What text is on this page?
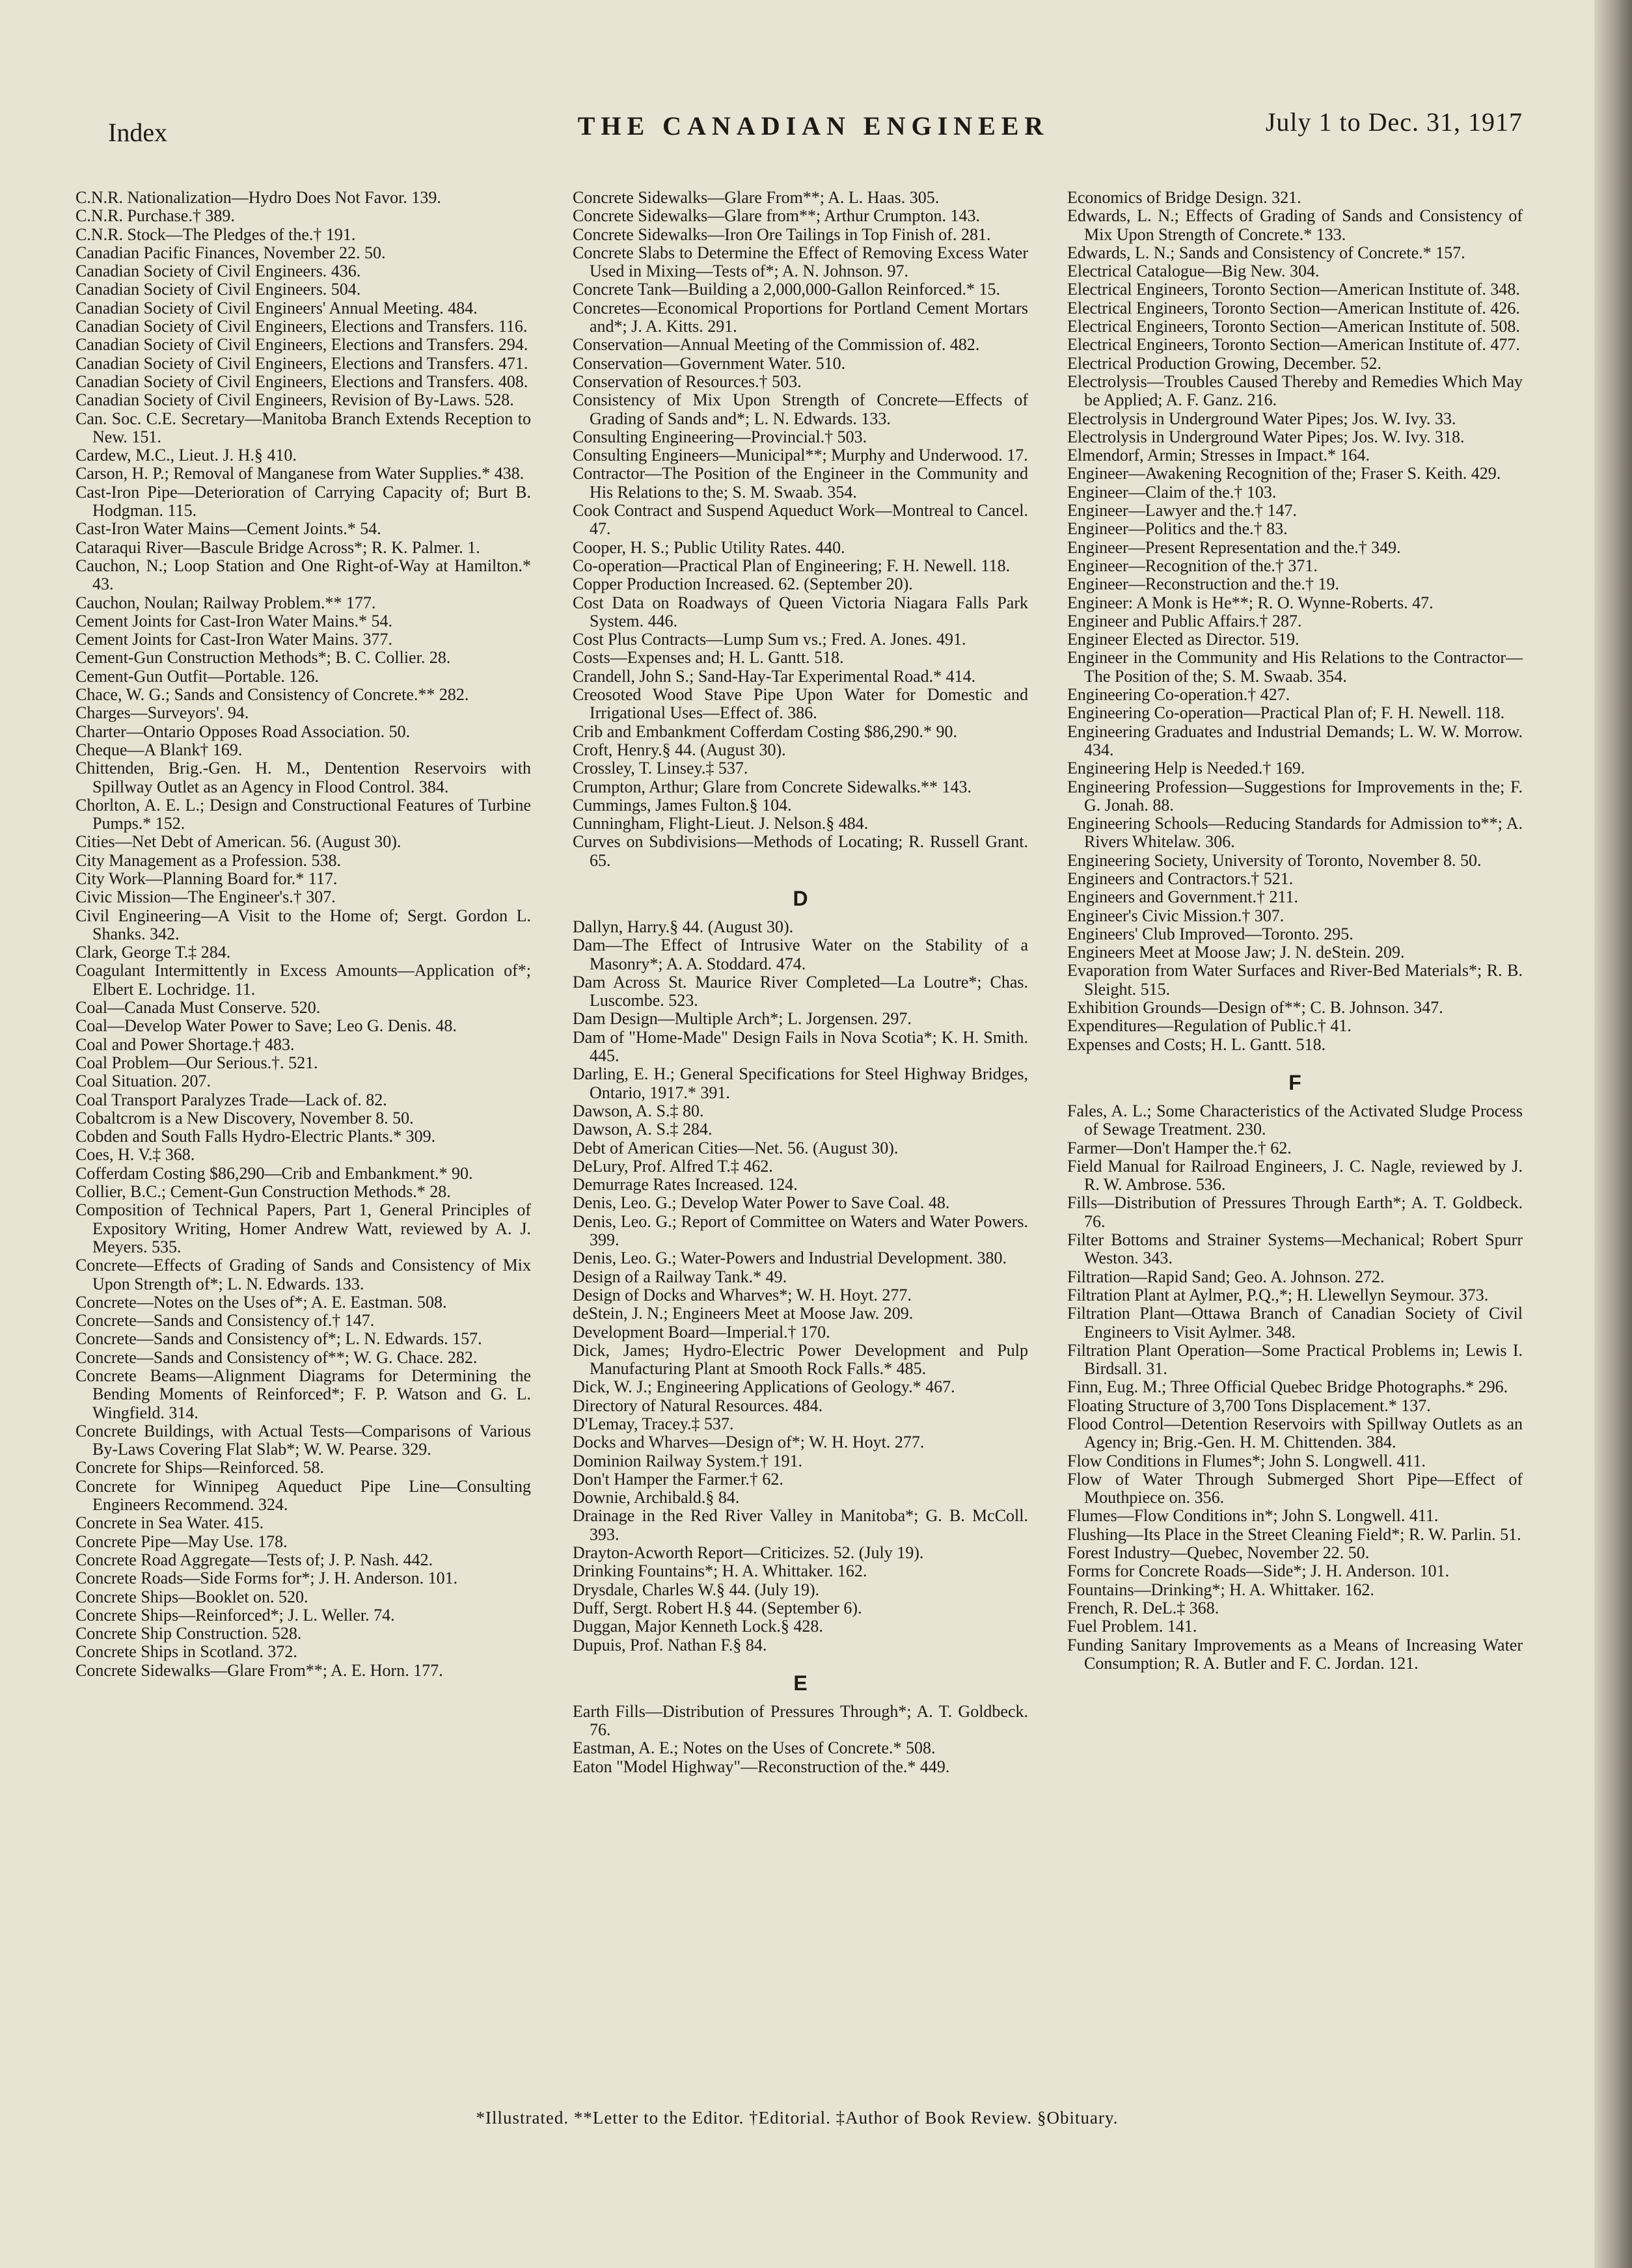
Index	THE CANADIAN ENGINEER	July 1 to Dec. 31, 1917

C.N.R. Nationalization—Hydro Does Not Favor. 139.

C.N.R. Purchase.† 389.

C.N.R. Stock—The Pledges of the.† 191.

Canadian Pacific Finances, November 22. 50.

Canadian Society of Civil Engineers. 436.

Canadian Society of Civil Engineers. 504.

Canadian Society of Civil Engineers' Annual Meeting. 484.

Canadian Society of Civil Engineers, Elections and Transfers. 116.

Canadian Society of Civil Engineers, Elections and Transfers. 294.

Canadian Society of Civil Engineers, Elections and Transfers. 471.

Canadian Society of Civil Engineers, Elections and Transfers. 408.

Canadian Society of Civil Engineers, Revision of By-Laws. 528.

Can. Soc. C.E. Secretary—Manitoba Branch Extends Reception to New. 151.

Cardew, M.C., Lieut. J. H.§ 410.

Carson, H. P.; Removal of Manganese from Water Supplies.* 438.

Cast-Iron Pipe—Deterioration of Carrying Capacity of; Burt B. Hodgman. 115.

Cast-Iron Water Mains—Cement Joints.* 54.

Cataraqui River—Bascule Bridge Across*; R. K. Palmer. 1.

Cauchon, N.; Loop Station and One Right-of-Way at Hamilton.* 43.

Cauchon, Noulan; Railway Problem.** 177.

Cement Joints for Cast-Iron Water Mains.* 54.

Cement Joints for Cast-Iron Water Mains. 377.

Cement-Gun Construction Methods*; B. C. Collier. 28.

Cement-Gun Outfit—Portable. 126.

Chace, W. G.; Sands and Consistency of Concrete.** 282.

Charges—Surveyors'. 94.

Charter—Ontario Opposes Road Association. 50.

Cheque—A Blank† 169.

Chittenden, Brig.-Gen. H. M., Dentention Reservoirs with Spillway Outlet as an Agency in Flood Control. 384.

Chorlton, A. E. L.; Design and Constructional Features of Turbine Pumps.* 152.

Cities—Net Debt of American. 56. (August 30).

City Management as a Profession. 538.

City Work—Planning Board for.* 117.

Civic Mission—The Engineer's.† 307.

Civil Engineering—A Visit to the Home of; Sergt. Gordon L. Shanks. 342.

Clark, George T.‡ 284.

Coagulant Intermittently in Excess Amounts—Application of*; Elbert E. Lochridge. 11.

Coal—Canada Must Conserve. 520.

Coal—Develop Water Power to Save; Leo G. Denis. 48.

Coal and Power Shortage.† 483.

Coal Problem—Our Serious.†. 521.

Coal Situation. 207.

Coal Transport Paralyzes Trade—Lack of. 82.

Cobaltcrom is a New Discovery, November 8. 50.

Cobden and South Falls Hydro-Electric Plants.* 309.

Coes, H. V.‡ 368.

Cofferdam Costing $86,290—Crib and Embankment.* 90.

Collier, B.C.; Cement-Gun Construction Methods.* 28.

Composition of Technical Papers, Part 1, General Principles of Expository Writing, Homer Andrew Watt, reviewed by A. J. Meyers. 535.

Concrete—Effects of Grading of Sands and Consistency of Mix Upon Strength of*; L. N. Edwards. 133.

Concrete—Notes on the Uses of*; A. E. Eastman. 508.

Concrete—Sands and Consistency of.† 147.

Concrete—Sands and Consistency of*; L. N. Edwards. 157.

Concrete—Sands and Consistency of**; W. G. Chace. 282.

Concrete Beams—Alignment Diagrams for Determining the Bending Moments of Reinforced*; F. P. Watson and G. L. Wingfield. 314.

Concrete Buildings, with Actual Tests—Comparisons of Various By-Laws Covering Flat Slab*; W. W. Pearse. 329.

Concrete for Ships—Reinforced. 58.

Concrete for Winnipeg Aqueduct Pipe Line—Consulting Engineers Recommend. 324.

Concrete in Sea Water. 415.

Concrete Pipe—May Use. 178.

Concrete Road Aggregate—Tests of; J. P. Nash. 442.

Concrete Roads—Side Forms for*; J. H. Anderson. 101.

Concrete Ships—Booklet on. 520.

Concrete Ships—Reinforced*; J. L. Weller. 74.

Concrete Ship Construction. 528.

Concrete Ships in Scotland. 372.

Concrete Sidewalks—Glare From**; A. E. Horn. 177.

Concrete Sidewalks—Glare From**; A. L. Haas. 305.

Concrete Sidewalks—Glare from**; Arthur Crumpton. 143.

Concrete Sidewalks—Iron Ore Tailings in Top Finish of. 281.

Concrete Slabs to Determine the Effect of Removing Excess Water Used in Mixing—Tests of*; A. N. Johnson. 97.

Concrete Tank—Building a 2,000,000-Gallon Reinforced.* 15.

Concretes—Economical Proportions for Portland Cement Mortars and*; J. A. Kitts. 291.

Conservation—Annual Meeting of the Commission of. 482.

Conservation—Government Water. 510.

Conservation of Resources.† 503.

Consistency of Mix Upon Strength of Concrete—Effects of Grading of Sands and*; L. N. Edwards. 133.

Consulting Engineering—Provincial.† 503.

Consulting Engineers—Municipal**; Murphy and Underwood. 17.

Contractor—The Position of the Engineer in the Community and His Relations to the; S. M. Swaab. 354.

Cook Contract and Suspend Aqueduct Work—Montreal to Cancel. 47.

Cooper, H. S.; Public Utility Rates. 440.

Co-operation—Practical Plan of Engineering; F. H. Newell. 118.

Copper Production Increased. 62. (September 20).

Cost Data on Roadways of Queen Victoria Niagara Falls Park System. 446.

Cost Plus Contracts—Lump Sum vs.; Fred. A. Jones. 491.

Costs—Expenses and; H. L. Gantt. 518.

Crandell, John S.; Sand-Hay-Tar Experimental Road.* 414.

Creosoted Wood Stave Pipe Upon Water for Domestic and Irrigational Uses—Effect of. 386.

Crib and Embankment Cofferdam Costing $86,290.* 90.

Croft, Henry.§ 44. (August 30).

Crossley, T. Linsey.‡ 537.

Crumpton, Arthur; Glare from Concrete Sidewalks.** 143.

Cummings, James Fulton.§ 104.

Cunningham, Flight-Lieut. J. Nelson.§ 484.

Curves on Subdivisions—Methods of Locating; R. Russell Grant. 65.

D

Dallyn, Harry.§ 44. (August 30).

Dam—The Effect of Intrusive Water on the Stability of a Masonry*; A. A. Stoddard. 474.

Dam Across St. Maurice River Completed—La Loutre*; Chas. Luscombe. 523.

Dam Design—Multiple Arch*; L. Jorgensen. 297.

Dam of "Home-Made" Design Fails in Nova Scotia*; K. H. Smith. 445.

Darling, E. H.; General Specifications for Steel Highway Bridges, Ontario, 1917.* 391.

Dawson, A. S.‡ 80.

Dawson, A. S.‡ 284.

Debt of American Cities—Net. 56. (August 30).

DeLury, Prof. Alfred T.‡ 462.

Demurrage Rates Increased. 124.

Denis, Leo. G.; Develop Water Power to Save Coal. 48.

Denis, Leo. G.; Report of Committee on Waters and Water Powers. 399.

Denis, Leo. G.; Water-Powers and Industrial Development. 380.

Design of a Railway Tank.* 49.

Design of Docks and Wharves*; W. H. Hoyt. 277.

deStein, J. N.; Engineers Meet at Moose Jaw. 209.

Development Board—Imperial.† 170.

Dick, James; Hydro-Electric Power Development and Pulp Manufacturing Plant at Smooth Rock Falls.* 485.

Dick, W. J.; Engineering Applications of Geology.* 467.

Directory of Natural Resources. 484.

D'Lemay, Tracey.‡ 537.

Docks and Wharves—Design of*; W. H. Hoyt. 277.

Dominion Railway System.† 191.

Don't Hamper the Farmer.† 62.

Downie, Archibald.§ 84.

Drainage in the Red River Valley in Manitoba*; G. B. McColl. 393.

Drayton-Acworth Report—Criticizes. 52. (July 19).

Drinking Fountains*; H. A. Whittaker. 162.

Drysdale, Charles W.§ 44. (July 19).

Duff, Sergt. Robert H.§ 44. (September 6).

Duggan, Major Kenneth Lock.§ 428.

Dupuis, Prof. Nathan F.§ 84.

E

Earth Fills—Distribution of Pressures Through*; A. T. Goldbeck. 76.

Eastman, A. E.; Notes on the Uses of Concrete.* 508.

Eaton "Model Highway"—Reconstruction of the.* 449.

Economics of Bridge Design. 321.

Edwards, L. N.; Effects of Grading of Sands and Consistency of Mix Upon Strength of Concrete.* 133.

Edwards, L. N.; Sands and Consistency of Concrete.* 157.

Electrical Catalogue—Big New. 304.

Electrical Engineers, Toronto Section—American Institute of. 348.

Electrical Engineers, Toronto Section—American Institute of. 426.

Electrical Engineers, Toronto Section—American Institute of. 508.

Electrical Engineers, Toronto Section—American Institute of. 477.

Electrical Production Growing, December. 52.

Electrolysis—Troubles Caused Thereby and Remedies Which May be Applied; A. F. Ganz. 216.

Electrolysis in Underground Water Pipes; Jos. W. Ivy. 33.

Electrolysis in Underground Water Pipes; Jos. W. Ivy. 318.

Elmendorf, Armin; Stresses in Impact.* 164.

Engineer—Awakening Recognition of the; Fraser S. Keith. 429.

Engineer—Claim of the.† 103.

Engineer—Lawyer and the.† 147.

Engineer—Politics and the.† 83.

Engineer—Present Representation and the.† 349.

Engineer—Recognition of the.† 371.

Engineer—Reconstruction and the.† 19.

Engineer: A Monk is He**; R. O. Wynne-Roberts. 47.

Engineer and Public Affairs.† 287.

Engineer Elected as Director. 519.

Engineer in the Community and His Relations to the Contractor—The Position of the; S. M. Swaab. 354.

Engineering Co-operation.† 427.

Engineering Co-operation—Practical Plan of; F. H. Newell. 118.

Engineering Graduates and Industrial Demands; L. W. W. Morrow. 434.

Engineering Help is Needed.† 169.

Engineering Profession—Suggestions for Improvements in the; F. G. Jonah. 88.

Engineering Schools—Reducing Standards for Admission to**; A. Rivers Whitelaw. 306.

Engineering Society, University of Toronto, November 8. 50.

Engineers and Contractors.† 521.

Engineers and Government.† 211.

Engineer's Civic Mission.† 307.

Engineers' Club Improved—Toronto. 295.

Engineers Meet at Moose Jaw; J. N. deStein. 209.

Evaporation from Water Surfaces and River-Bed Materials*; R. B. Sleight. 515.

Exhibition Grounds—Design of**; C. B. Johnson. 347.

Expenditures—Regulation of Public.† 41.

Expenses and Costs; H. L. Gantt. 518.

F

Fales, A. L.; Some Characteristics of the Activated Sludge Process of Sewage Treatment. 230.

Farmer—Don't Hamper the.† 62.

Field Manual for Railroad Engineers, J. C. Nagle, reviewed by J. R. W. Ambrose. 536.

Fills—Distribution of Pressures Through Earth*; A. T. Goldbeck. 76.

Filter Bottoms and Strainer Systems—Mechanical; Robert Spurr Weston. 343.

Filtration—Rapid Sand; Geo. A. Johnson. 272.

Filtration Plant at Aylmer, P.Q.,*; H. Llewellyn Seymour. 373.

Filtration Plant—Ottawa Branch of Canadian Society of Civil Engineers to Visit Aylmer. 348.

Filtration Plant Operation—Some Practical Problems in; Lewis I. Birdsall. 31.

Finn, Eug. M.; Three Official Quebec Bridge Photographs.* 296.

Floating Structure of 3,700 Tons Displacement.* 137.

Flood Control—Detention Reservoirs with Spillway Outlets as an Agency in; Brig.-Gen. H. M. Chittenden. 384.

Flow Conditions in Flumes*; John S. Longwell. 411.

Flow of Water Through Submerged Short Pipe—Effect of Mouthpiece on. 356.

Flumes—Flow Conditions in*; John S. Longwell. 411.

Flushing—Its Place in the Street Cleaning Field*; R. W. Parlin. 51.

Forest Industry—Quebec, November 22. 50.

Forms for Concrete Roads—Side*; J. H. Anderson. 101.

Fountains—Drinking*; H. A. Whittaker. 162.

French, R. DeL.‡ 368.

Fuel Problem. 141.

Funding Sanitary Improvements as a Means of Increasing Water Consumption; R. A. Butler and F. C. Jordan. 121.

*Illustrated. **Letter to the Editor. †Editorial. ‡Author of Book Review. §Obituary.
